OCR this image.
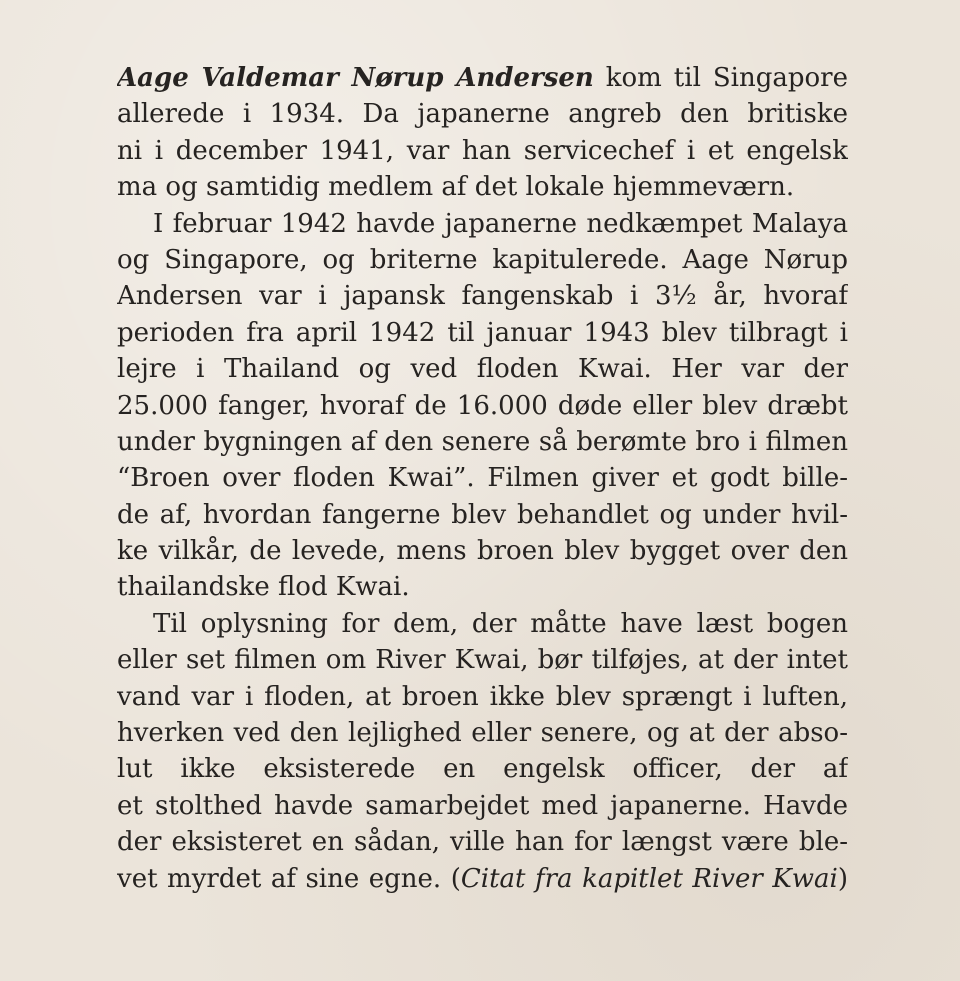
Aage Valdemar Nørup Andersen kom til Singapore
allerede i 1934. Da japanerne angreb den britiske
ni i december 1941, var han servicechef i et engelsk
ma og samtidig medlem af det lokale hjemmeværn.
I februar 1942 havde japanerne nedkæmpet Malaya
og Singapore, og briterne kapitulerede. Aage Nørup
Andersen var i japansk fangenskab i 3½ år, hvoraf
perioden fra april 1942 til januar 1943 blev tilbragt i
lejre i Thailand og ved floden Kwai. Her var der
25.000 fanger, hvoraf de 16.000 døde eller blev dræbt
under bygningen af den senere så berømte bro i filmen
“Broen over floden Kwai”. Filmen giver et godt bille-
de af, hvordan fangerne blev behandlet og under hvil-
ke vilkår, de levede, mens broen blev bygget over den
thailandske flod Kwai.
Til oplysning for dem, der måtte have læst bogen
eller set filmen om River Kwai, bør tilføjes, at der intet
vand var i floden, at broen ikke blev sprængt i luften,
hverken ved den lejlighed eller senere, og at der abso-
lut ikke eksisterede en engelsk officer, der af
et stolthed havde samarbejdet med japanerne. Havde
der eksisteret en sådan, ville han for længst være ble-
vet myrdet af sine egne. (Citat fra kapitlet River Kwai)
